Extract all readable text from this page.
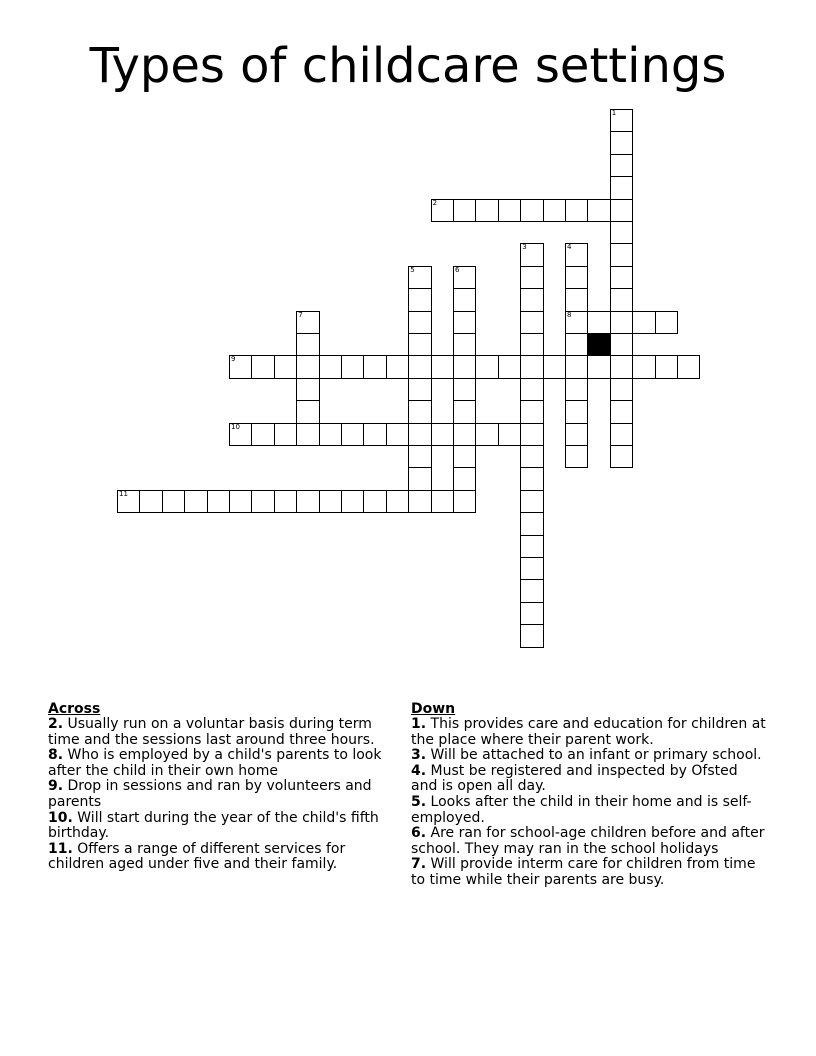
Types of childcare settings
1
2
3	4
8
5	6
7
9
10
11
Across
2. Usually run on a voluntar basis during term time and the sessions last around three hours.
8. Who is employed by a child's parents to look after the child in their own home
9. Drop in sessions and ran by volunteers and parents
10. Will start during the year of the child's fifth birthday.
11. Offers a range of different services for children aged under five and their family.
Down
1. This provides care and education for children at the place where their parent work.
3. Will be attached to an infant or primary school.
4. Must be registered and inspected by Ofsted and is open all day.
5. Looks after the child in their home and is self-employed.
6. Are ran for school-age children before and after school. They may ran in the school holidays
7. Will provide interm care for children from time to time while their parents are busy.
